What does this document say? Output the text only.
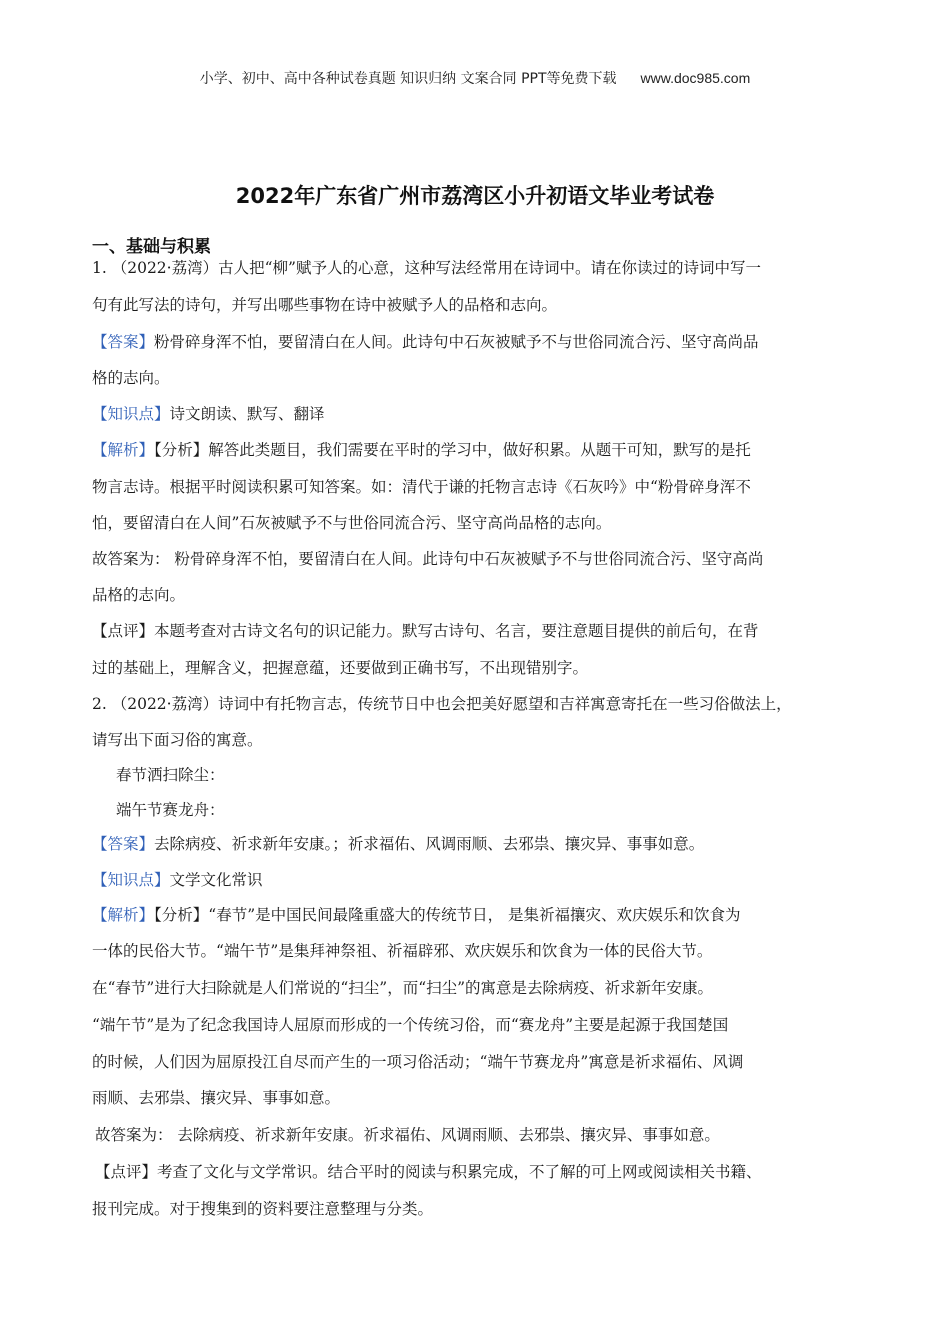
小学、初中、高中各种试卷真题 知识归纳 文案合同 PPT等免费下载 www.doc985.com
2022年广东省广州市荔湾区小升初语文毕业考试卷
一、基础与积累
1. （2022·荔湾）古人把“柳”赋予人的心意，这种写法经常用在诗词中。请在你读过的诗词中写一
句有此写法的诗句，并写出哪些事物在诗中被赋予人的品格和志向。
【答案】粉骨碎身浑不怕，要留清白在人间。此诗句中石灰被赋予不与世俗同流合污、坚守高尚品
格的志向。
【知识点】诗文朗读、默写、翻译
【解析】【分析】解答此类题目，我们需要在平时的学习中，做好积累。从题干可知，默写的是托
物言志诗。根据平时阅读积累可知答案。如：清代于谦的托物言志诗《石灰吟》中“粉骨碎身浑不
怕，要留清白在人间”石灰被赋予不与世俗同流合污、坚守高尚品格的志向。
故答案为： 粉骨碎身浑不怕，要留清白在人间。此诗句中石灰被赋予不与世俗同流合污、坚守高尚
品格的志向。
【点评】本题考查对古诗文名句的识记能力。默写古诗句、名言，要注意题目提供的前后句，在背
过的基础上，理解含义，把握意蕴，还要做到正确书写，不出现错别字。
2. （2022·荔湾）诗词中有托物言志，传统节日中也会把美好愿望和吉祥寓意寄托在一些习俗做法上，
请写出下面习俗的寓意。
春节洒扫除尘：
端午节赛龙舟：
【答案】去除病疫、祈求新年安康。；祈求福佑、风调雨顺、去邪祟、攘灾异、事事如意。
【知识点】文学文化常识
【解析】【分析】“春节”是中国民间最隆重盛大的传统节日， 是集祈福攘灾、欢庆娱乐和饮食为
一体的民俗大节。“端午节”是集拜神祭祖、祈福辟邪、欢庆娱乐和饮食为一体的民俗大节。
在“春节”进行大扫除就是人们常说的“扫尘”，而“扫尘”的寓意是去除病疫、祈求新年安康。
“端午节”是为了纪念我国诗人屈原而形成的一个传统习俗，而“赛龙舟”主要是起源于我国楚国
的时候，人们因为屈原投江自尽而产生的一项习俗活动；“端午节赛龙舟”寓意是祈求福佑、风调
雨顺、去邪祟、攘灾异、事事如意。
故答案为： 去除病疫、祈求新年安康。祈求福佑、风调雨顺、去邪祟、攘灾异、事事如意。
【点评】考查了文化与文学常识。结合平时的阅读与积累完成，不了解的可上网或阅读相关书籍、
报刊完成。对于搜集到的资料要注意整理与分类。
